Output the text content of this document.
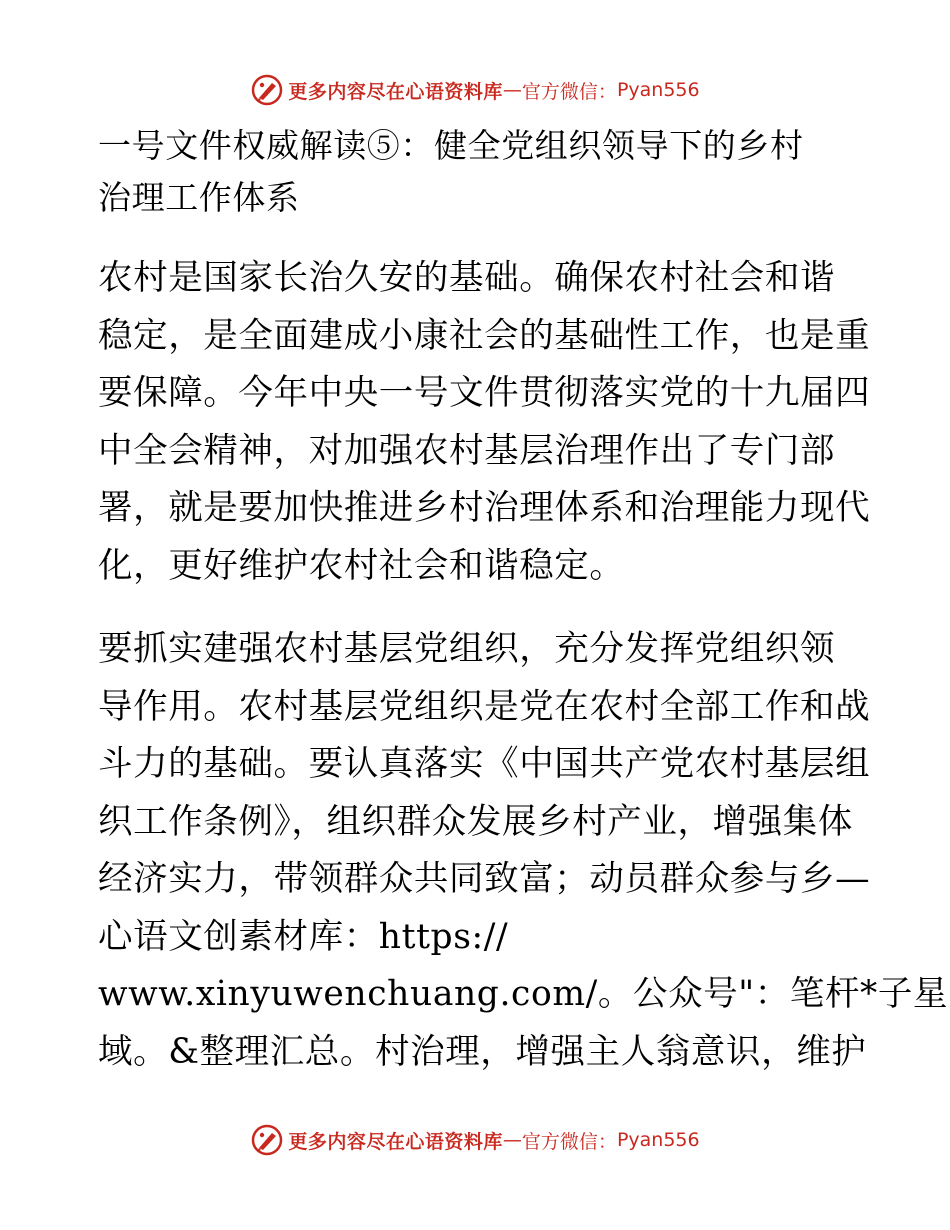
更多内容尽在心语资料库 — 官方微信： Pyan556
一号文件权威解读⑤：健全党组织领导下的乡村
治理工作体系
农村是国家长治久安的基础。确保农村社会和谐
稳定，是全面建成小康社会的基础性工作，也是重
要保障。今年中央一号文件贯彻落实党的十九届四
中全会精神，对加强农村基层治理作出了专门部
署，就是要加快推进乡村治理体系和治理能力现代
化，更好维护农村社会和谐稳定。
要抓实建强农村基层党组织，充分发挥党组织领
导作用。农村基层党组织是党在农村全部工作和战
斗力的基础。要认真落实《中国共产党农村基层组
织工作条例》，组织群众发展乡村产业，增强集体
经济实力，带领群众共同致富；动员群众参与乡—
心语文创素材库：https://
www.xinyuwenchuang.com/。公众号"：笔杆*子星
域。&整理汇总。村治理，增强主人翁意识，维护
更多内容尽在心语资料库 — 官方微信： Pyan556
